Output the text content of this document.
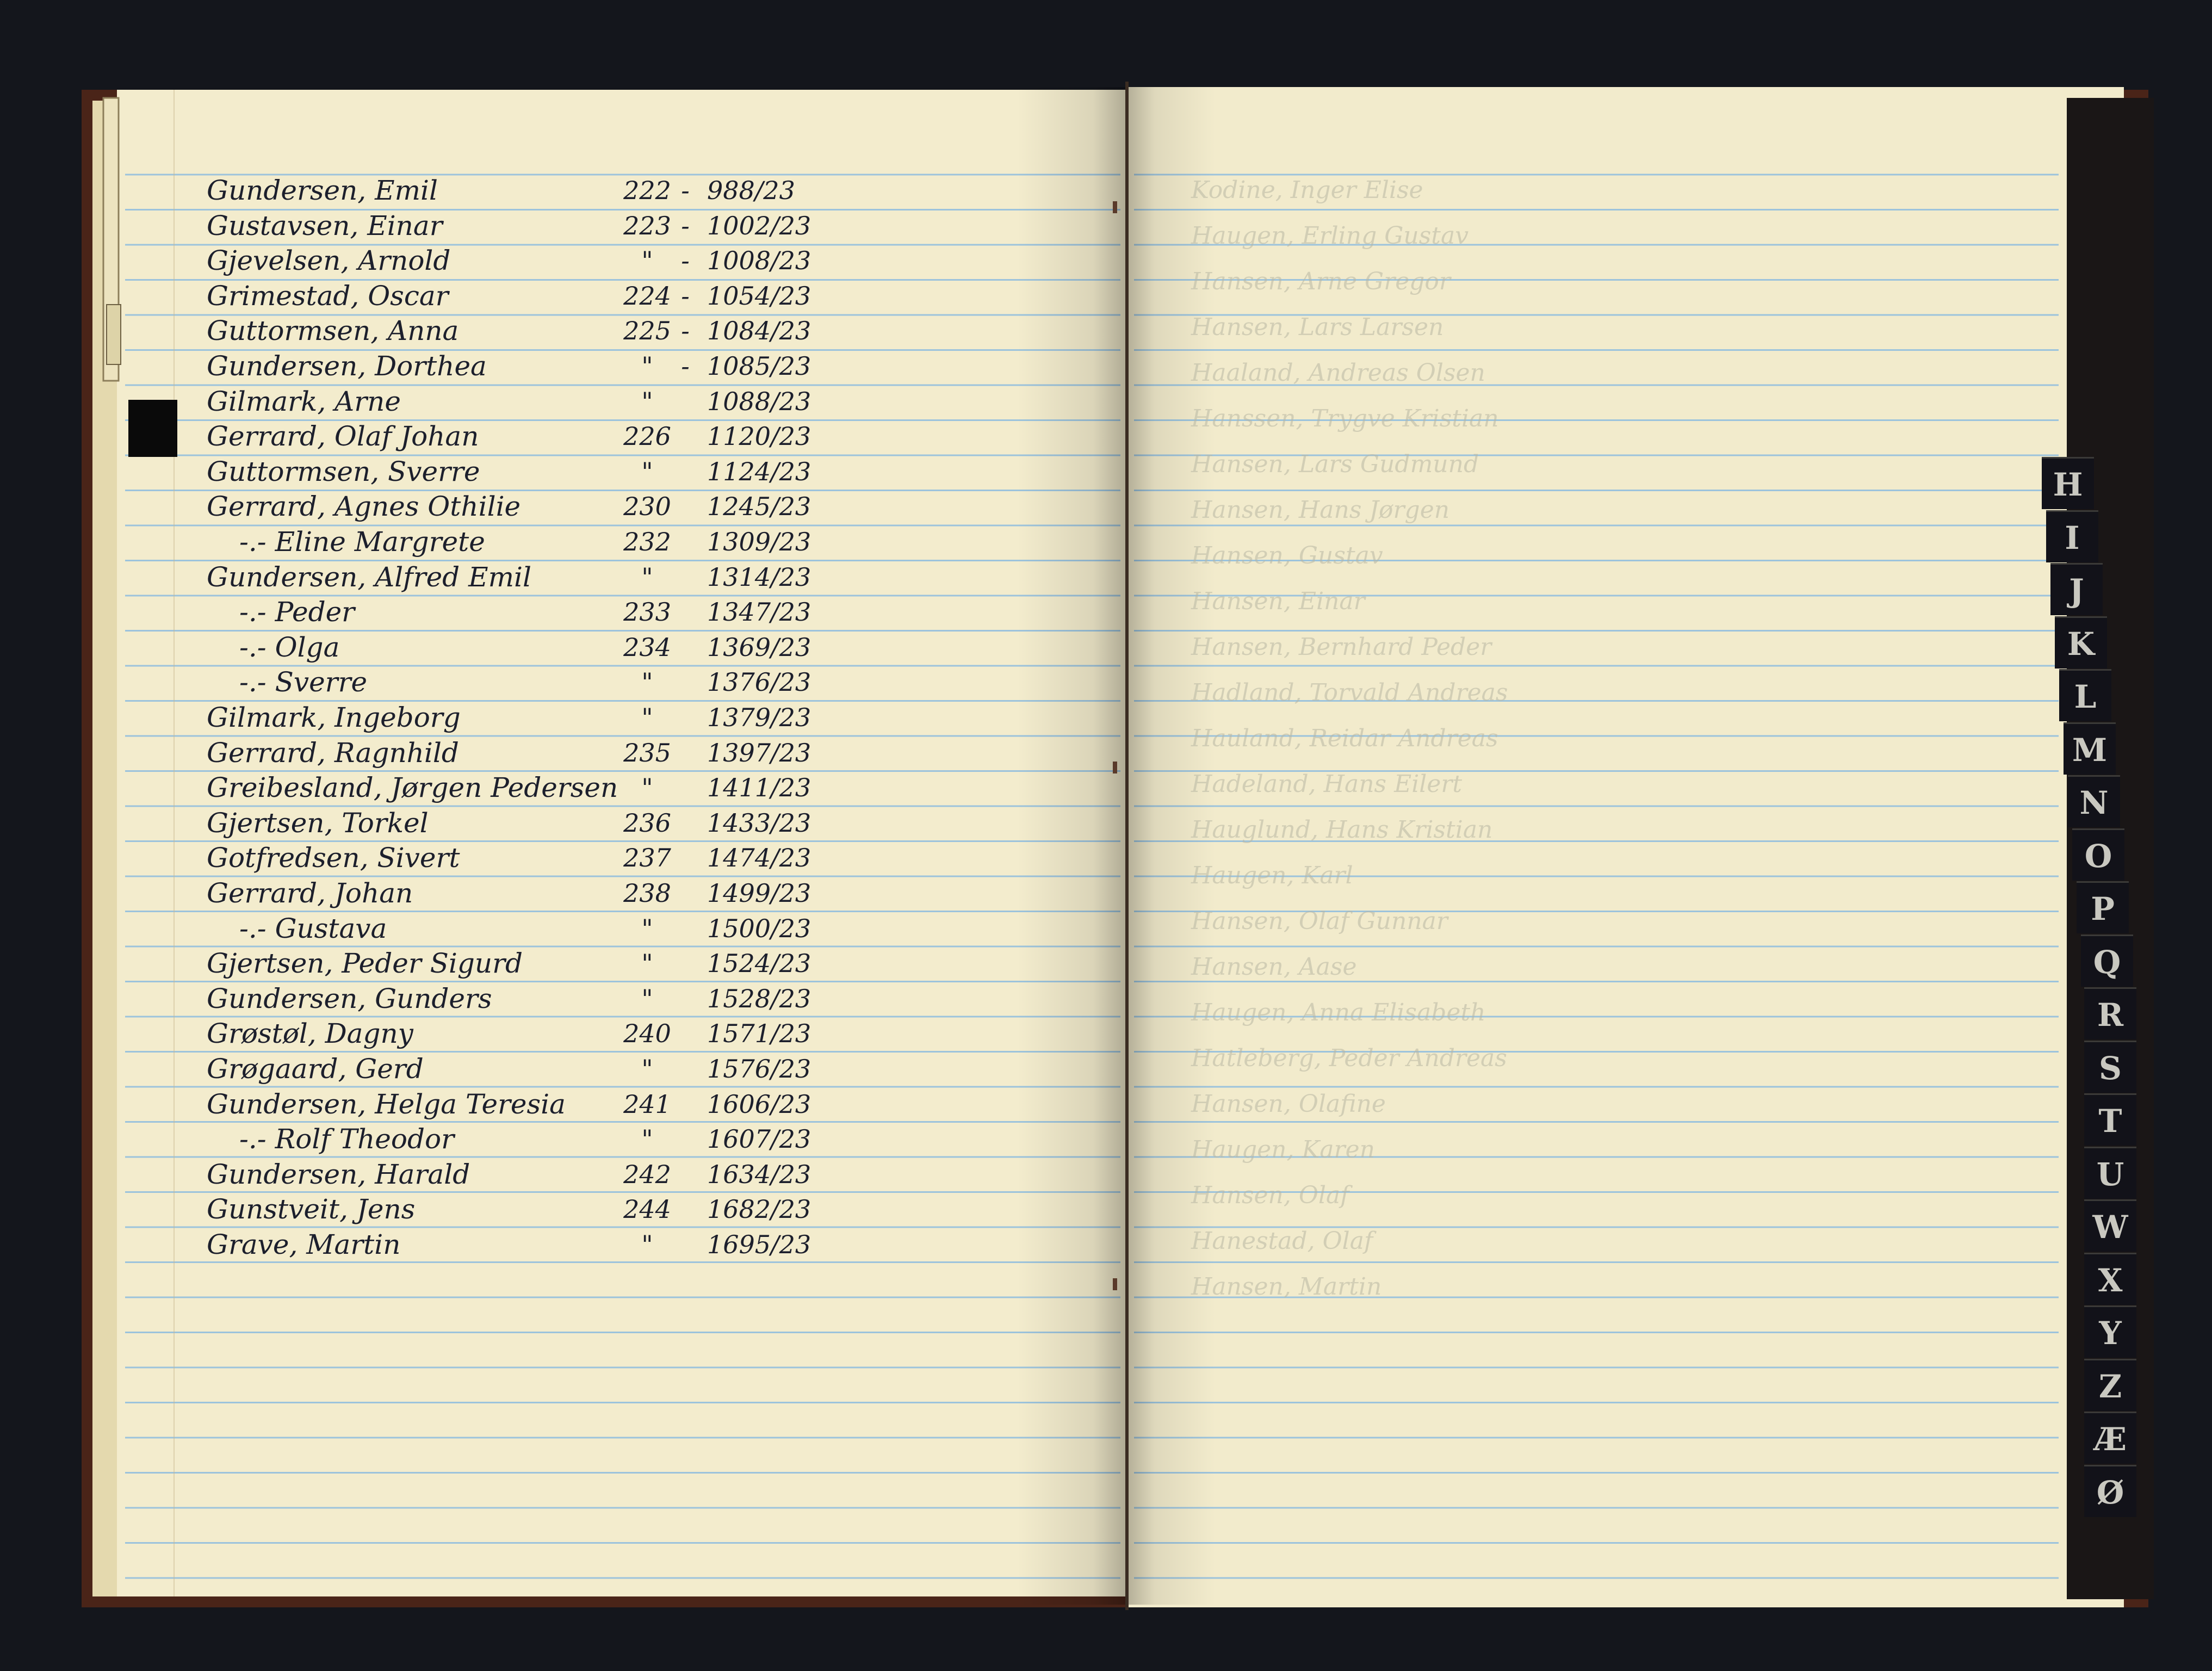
Gundersen, Emil	222 - 988/23
Gustavsen, Einar	223 - 1002/23
Gjevelsen, Arnold	"	- 1008/23
Grimestad, Oscar	224 - 1054/23
Guttormsen, Anna	225 - 1084/23
Gundersen, Dorthea	"	- 1085/23
Gilmark, Arne	"	1088/23
Gerrard, Olaf Johan	226	1120/23
Guttormsen, Sverre	"	1124/23
Gerrard, Agnes Othilie	230	1245/23
-.- Eline Margrete	232	1309/23
Gundersen, Alfred Emil	"	1314/23
-.- Peder	233	1347/23
-.- Olga	234	1369/23
-.- Sverre	"	1376/23
Gilmark, Ingeborg	"	1379/23
Gerrard, Ragnhild	235	1397/23
Greibesland, Jørgen Pedersen "	1411/23
Gjertsen, Torkel	236	1433/23
Gotfredsen, Sivert	237	1474/23
Gerrard, Johan	238	1499/23
-.- Gustava	"	1500/23
Gjertsen, Peder Sigurd	"	1524/23
Gundersen, Gunders	"	1528/23
Grøstøl, Dagny	240	1571/23
Grøgaard, Gerd	"	1576/23
Gundersen, Helga Teresia	241	1606/23
-.- Rolf Theodor	"	1607/23
Gundersen, Harald	242	1634/23
Gunstveit, Jens	244	1682/23
Grave, Martin	"	1695/23
Kodine, Inger Elise
Haugen, Erling Gustav
Hansen, Arne Gregor
Hansen, Lars Larsen
Haaland, Andreas Olsen
Hanssen, Trygve Kristian
Hansen, Lars Gudmund
Hansen, Hans Jørgen
Hansen, Gustav
Hansen, Einar
Hansen, Bernhard Peder
Hadland, Torvald Andreas
Hauland, Reidar Andreas
Hadeland, Hans Eilert
Hauglund, Hans Kristian
Haugen, Karl
Hansen, Olaf Gunnar
Hansen, Aase
Haugen, Anna Elisabeth
Hatleberg, Peder Andreas
Hansen, Olafine
Haugen, Karen
Hansen, Olaf
Hanestad, Olaf
Hansen, Martin
H
I
J
K
L
M
N
O
P
Q
R
S
T
U
W
X
Y
Z
Æ
Ø
